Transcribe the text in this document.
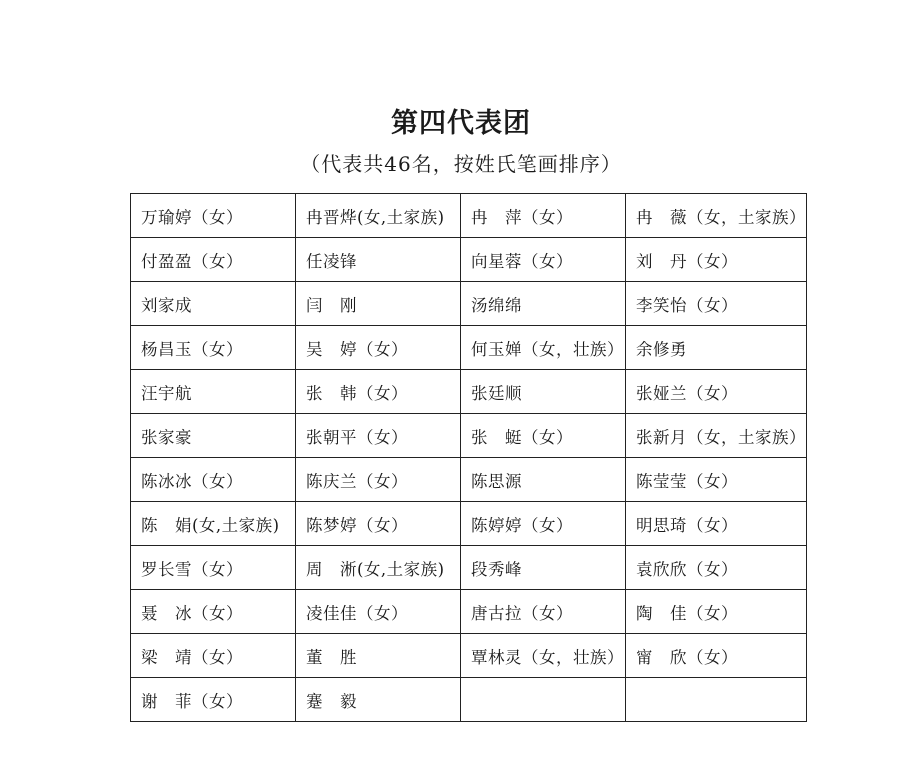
第四代表团
（代表共46名，按姓氏笔画排序）
万瑜婷（女）	冉晋烨(女,土家族)	冉　萍（女）	冉　薇（女，土家族）
付盈盈（女）	任凌锋	向星蓉（女）	刘　丹（女）
刘家成	闫　刚	汤绵绵	李笑怡（女）
杨昌玉（女）	吴　婷（女）	何玉婵（女，壮族）	余修勇
汪宇航	张　韩（女）	张廷顺	张娅兰（女）
张家豪	张朝平（女）	张　蜓（女）	张新月（女，土家族）
陈冰冰（女）	陈庆兰（女）	陈思源	陈莹莹（女）
陈　娟(女,土家族)	陈梦婷（女）	陈婷婷（女）	明思琦（女）
罗长雪（女）	周　淅(女,土家族)	段秀峰	袁欣欣（女）
聂　冰（女）	凌佳佳（女）	唐古拉（女）	陶　佳（女）
梁　靖（女）	董　胜	覃林灵（女，壮族）	甯　欣（女）
谢　菲（女）	蹇　毅		
